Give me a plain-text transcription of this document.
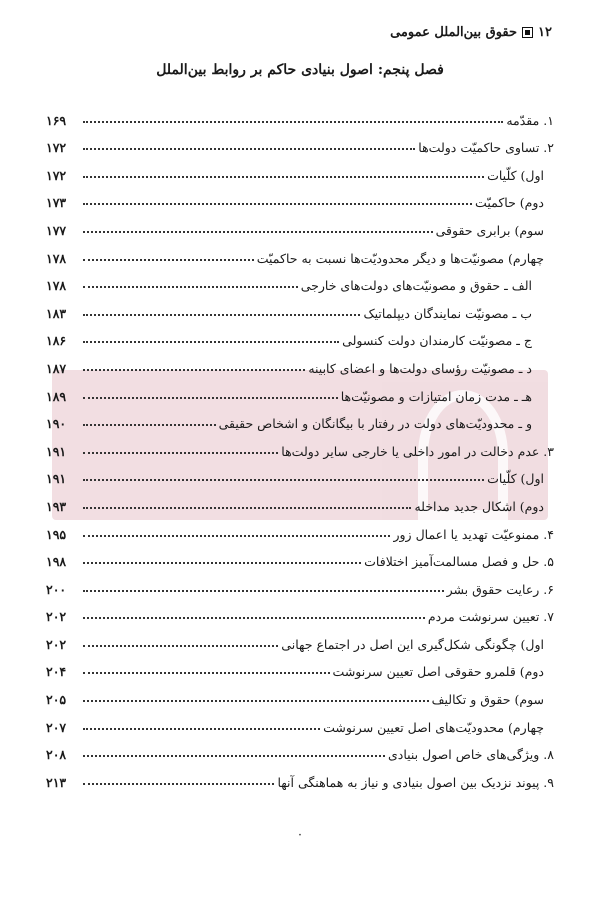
۱۲
حقوق بین‌الملل عمومی
فصل پنجم: اصول بنیادی حاکم بر روابط بین‌الملل
۱. مقدّمه
۱۶۹
۲. تساوی حاکمیّت دولت‌ها
۱۷۲
اول) کلّیات
۱۷۲
دوم) حاکمیّت
۱۷۳
سوم) برابری حقوقی
۱۷۷
چهارم) مصونیّت‌ها و دیگر محدودیّت‌ها نسبت به حاکمیّت
۱۷۸
الف ـ حقوق و مصونیّت‌های دولت‌های خارجی
۱۷۸
ب ـ مصونیّت نمایندگان دیپلماتیک
۱۸۳
ج ـ مصونیّت کارمندان دولت کنسولی
۱۸۶
د ـ مصونیّت رؤسای دولت‌ها و اعضای کابینه
۱۸۷
هـ ـ مدت زمان امتیازات و مصونیّت‌ها
۱۸۹
و ـ محدودیّت‌های دولت در رفتار با بیگانگان و اشخاص حقیقی
۱۹۰
۳. عدم دخالت در امور داخلی یا خارجی سایر دولت‌ها
۱۹۱
اول) کلّیات
۱۹۱
دوم) اشکال جدید مداخله
۱۹۳
۴. ممنوعیّت تهدید یا اعمال زور
۱۹۵
۵. حل و فصل مسالمت‌آمیز اختلافات
۱۹۸
۶. رعایت حقوق بشر
۲۰۰
۷. تعیین سرنوشت مردم
۲۰۲
اول) چگونگی شکل‌گیری این اصل در اجتماع جهانی
۲۰۲
دوم) قلمرو حقوقی اصل تعیین سرنوشت
۲۰۴
سوم) حقوق و تکالیف
۲۰۵
چهارم) محدودیّت‌های اصل تعیین سرنوشت
۲۰۷
۸. ویژگی‌های خاص اصول بنیادی
۲۰۸
۹. پیوند نزدیک بین اصول بنیادی و نیاز به هماهنگی آنها
۲۱۳
۰
